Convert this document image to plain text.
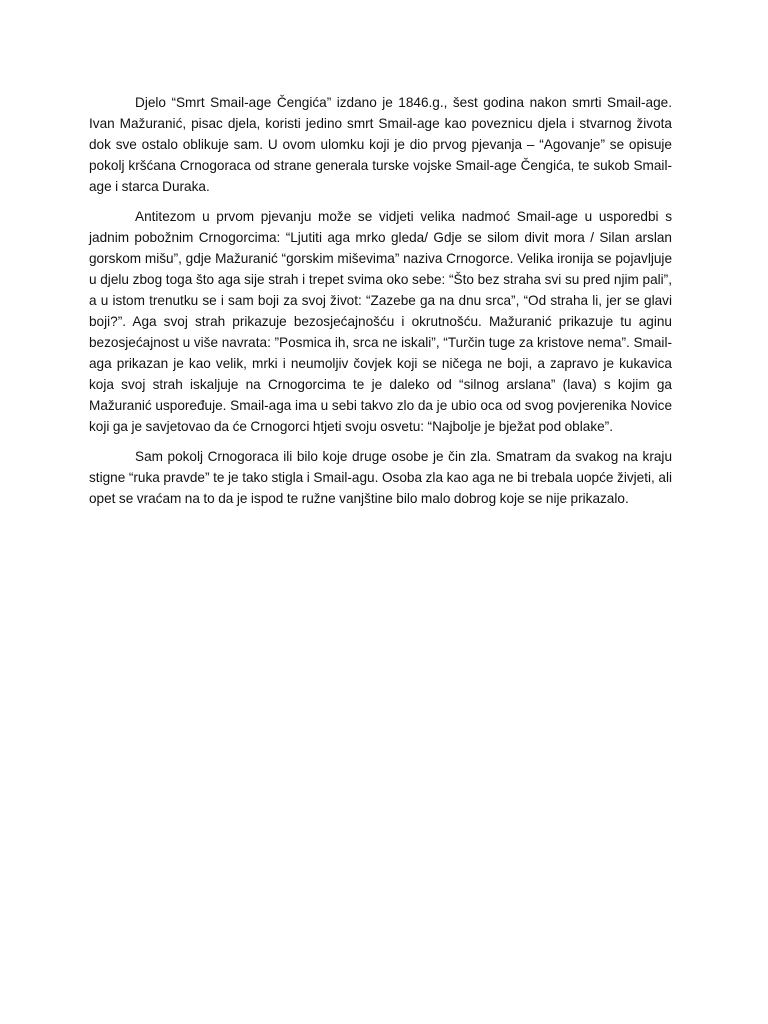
Djelo “Smrt Smail-age Čengića” izdano je 1846.g., šest godina nakon smrti Smail-age. Ivan Mažuranić, pisac djela, koristi jedino smrt Smail-age kao poveznicu djela i stvarnog života dok sve ostalo oblikuje sam. U ovom ulomku koji je dio prvog pjevanja – “Agovanje” se opisuje pokolj kršćana Crnogoraca od strane generala turske vojske Smail-age Čengića, te sukob Smail-age i starca Duraka.

Antitezom u prvom pjevanju može se vidjeti velika nadmoć Smail-age u usporedbi s jadnim pobožnim Crnogorcima: “Ljutiti aga mrko gleda/ Gdje se silom divit mora / Silan arslan gorskom mišu”, gdje Mažuranić “gorskim miševima” naziva Crnogorce. Velika ironija se pojavljuje u djelu zbog toga što aga sije strah i trepet svima oko sebe: “Što bez straha svi su pred njim pali”, a u istom trenutku se i sam boji za svoj život: “Zazebe ga na dnu srca”, “Od straha li, jer se glavi boji?”. Aga svoj strah prikazuje bezosjećajnošću i okrutnošću. Mažuranić prikazuje tu aginu bezosjećajnost u više navrata: ”Posmica ih, srca ne iskali”, “Turčin tuge za kristove nema”. Smail-aga prikazan je kao velik, mrki i neumoljiv čovjek koji se ničega ne boji, a zapravo je kukavica koja svoj strah iskaljuje na Crnogorcima te je daleko od “silnog arslana” (lava) s kojim ga Mažuranić uspoređuje. Smail-aga ima u sebi takvo zlo da je ubio oca od svog povjerenika Novice koji ga je savjetovao da će Crnogorci htjeti svoju osvetu: “Najbolje je bježat pod oblake”.

Sam pokolj Crnogoraca ili bilo koje druge osobe je čin zla. Smatram da svakog na kraju stigne “ruka pravde” te je tako stigla i Smail-agu. Osoba zla kao aga ne bi trebala uopće živjeti, ali opet se vraćam na to da je ispod te ružne vanjštine bilo malo dobrog koje se nije prikazalo.
